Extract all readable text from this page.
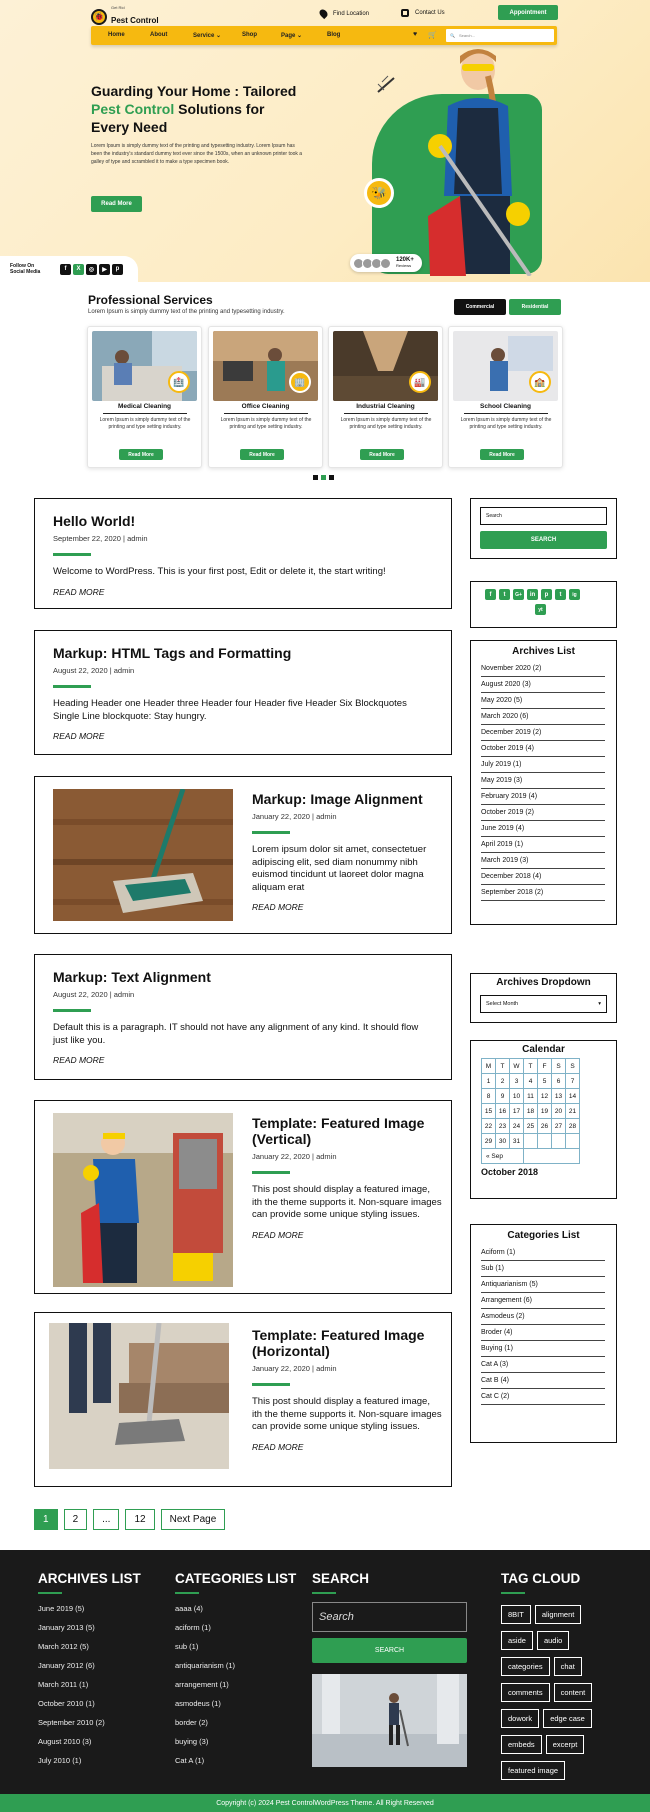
🐞
Get Rid
Pest Control
Find Location	Contact Us	Appointment
Home	About	Service ⌄	Shop	Page ⌄	Blog	♥ 🛒	🔍 Search...
Guarding Your Home : Tailored
Pest Control Solutions for Every Need
Lorem Ipsum is simply dummy text of the printing and typesetting industry. Lorem Ipsum has been the industry's standard dummy text ever since the 1500s, when an unknown printer took a galley of type and scrambled it to make a type specimen book.
Read More
🐝
120K+
Reviews
Follow On Social Media	f	X	◎	▶	p
Professional Services
Lorem Ipsum is simply dummy text of the printing and typesetting industry.
Commercial	Residential
🏥
Medical Cleaning
Lorem Ipsum is simply dummy text of the printing and type setting industry.
Read More
🏢
Office Cleaning
Lorem Ipsum is simply dummy text of the printing and type setting industry.
Read More
🏭
Industrial Cleaning
Lorem Ipsum is simply dummy text of the printing and type setting industry.
Read More
🏫
School Cleaning
Lorem Ipsum is simply dummy text of the printing and type setting industry.
Read More
Hello World!
September 22, 2020 | admin
Welcome to WordPress. This is your first post, Edit or delete it, the start writing!
READ MORE
Markup: HTML Tags and Formatting
August 22, 2020 | admin
Heading Header one Header three Header four Header five Header Six Blockquotes Single Line blockquote: Stay hungry.
READ MORE
Markup: Image Alignment
January 22, 2020 | admin
Lorem ipsum dolor sit amet, consectetuer adipiscing elit, sed diam nonummy nibh euismod tincidunt ut laoreet dolor magna aliquam erat
READ MORE
Markup: Text Alignment
August 22, 2020 | admin
Default this is a paragraph. IT should not have any alignment of any kind. It should flow just like you.
READ MORE
Template: Featured Image (Vertical)
January 22, 2020 | admin
This post should display a featured image, ith the theme supports it. Non-square images can provide some unique styling issues.
READ MORE
Template: Featured Image (Horizontal)
January 22, 2020 | admin
This post should display a featured image, ith the theme supports it. Non-square images can provide some unique styling issues.
READ MORE
1	2	...	12	Next Page
Search
SEARCH
f	t	G+	in	p	t	ig
yt
Archives List
November 2020 (2)
August 2020 (3)
May 2020 (5)
March 2020 (6)
December 2019 (2)
October 2019 (4)
July 2019 (1)
May 2019 (3)
February 2019 (4)
October 2019 (2)
June 2019 (4)
April 2019 (1)
March 2019 (3)
December 2018 (4)
September 2018 (2)
Archives Dropdown
Select Month	▾
Calendar
M	T	W	T	F	S	S
1	2	3	4	5	6	7
8	9	10	11	12	13	14
15	16	17	18	19	20	21
22	23	24	25	26	27	28
29	30	31				
« Sep						
October 2018
Categories List
Aciform (1)
Sub (1)
Antiquarianism (5)
Arrangement (6)
Asmodeus (2)
Broder (4)
Buying (1)
Cat A (3)
Cat B (4)
Cat C (2)
ARCHIVES LIST
June 2019 (5)
January 2013 (5)
March 2012 (5)
January 2012 (6)
March 2011 (1)
October 2010 (1)
September 2010 (2)
August 2010 (3)
July 2010 (1)
CATEGORIES LIST
aaaa (4)
aciform (1)
sub (1)
antiquarianism (1)
arrangement (1)
asmodeus (1)
border (2)
buying (3)
Cat A (1)
SEARCH
Search
SEARCH
TAG CLOUD
8BIT alignment aside audio categories chat comments content dowork edge case embeds excerpt featured image
Copyright (c) 2024 Pest ControlWordPress Theme. All Right Reserved
